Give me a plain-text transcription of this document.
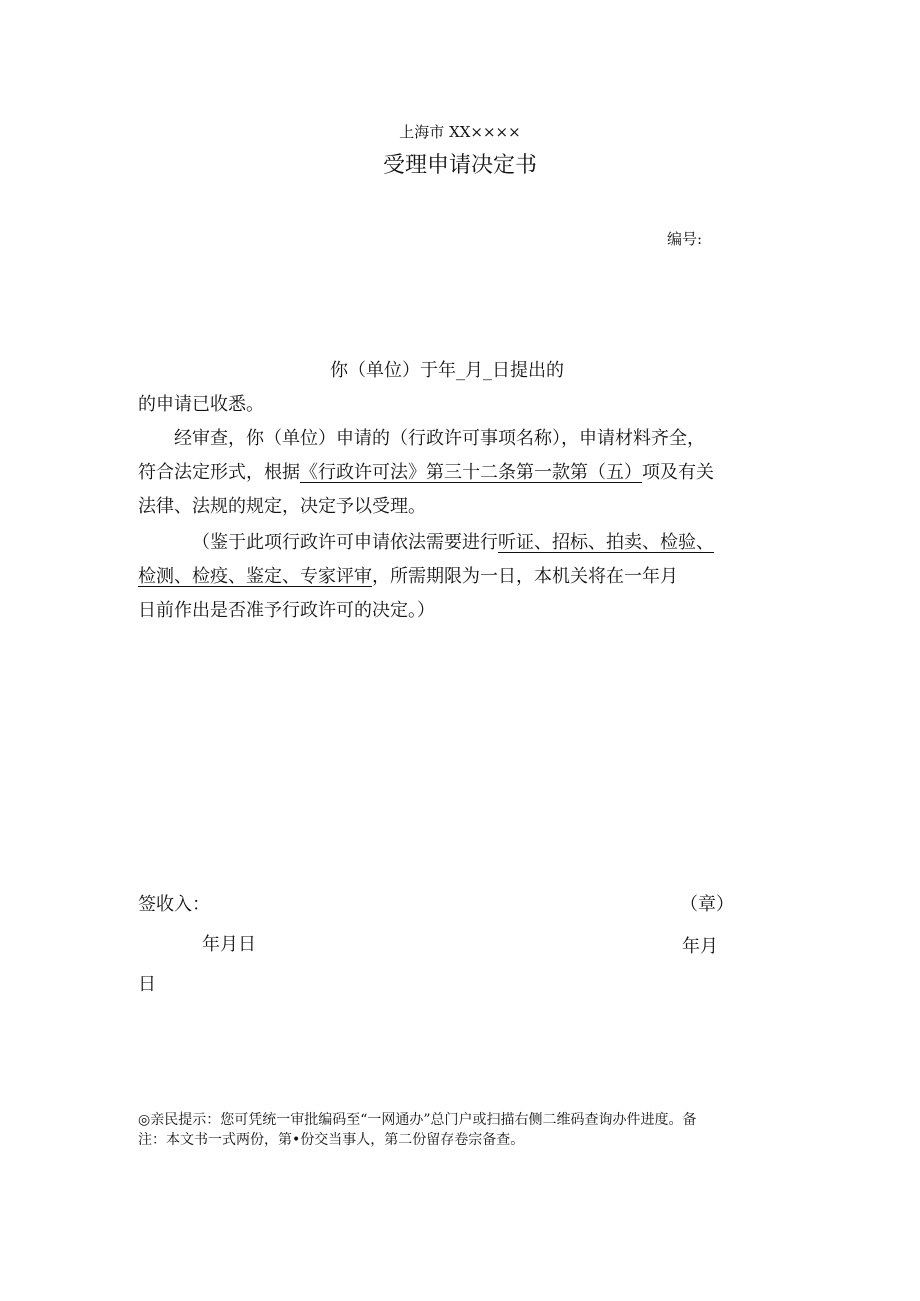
上海市 XX××××
受理申请决定书
编号:
你（单位）于年_月_日提出的
的申请已收悉。
经审查，你（单位）申请的（行政许可事项名称），申请材料齐全，
符合法定形式，根据《行政许可法》第三十二条第一款第（五）项及有关
法律、法规的规定，决定予以受理。
（鉴于此项行政许可申请依法需要进行听证、招标、拍卖、检验、
检测、检疫、鉴定、专家评审，所需期限为一日，本机关将在一年月
日前作出是否准予行政许可的决定。）
签收入：	（章）
年月日	年月
日
◎亲民提示：您可凭统一审批编码至“一网通办”总门户或扫描右侧二维码查询办件进度。备
注：本文书一式两份，第•份交当事人，第二份留存卷宗备查。
